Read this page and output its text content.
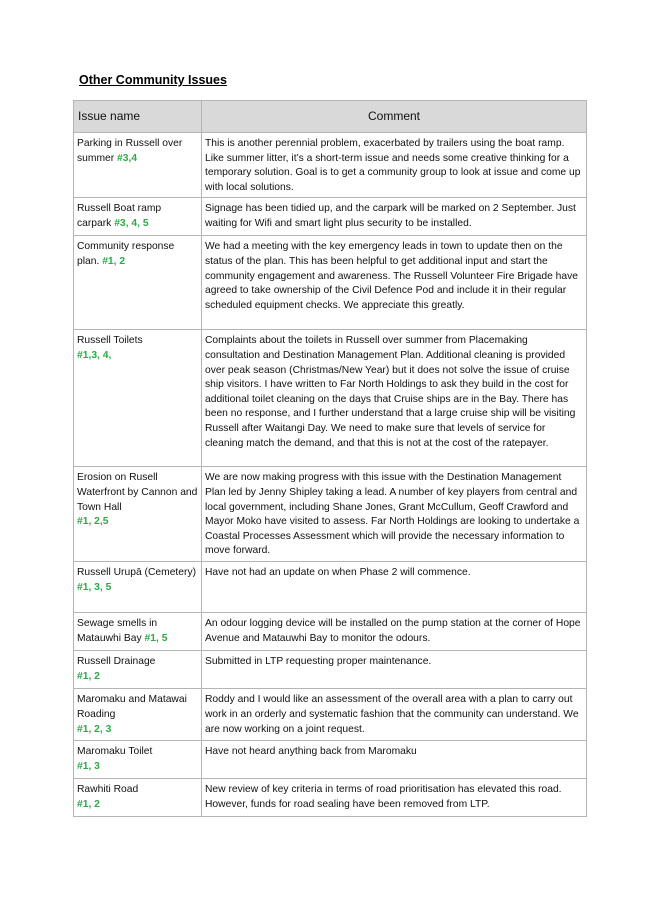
Other Community Issues
Issue name	Comment
Parking in Russell over summer #3,4	This is another perennial problem, exacerbated by trailers using the boat ramp. Like summer litter, it’s a short-term issue and needs some creative thinking for a temporary solution. Goal is to get a community group to look at issue and come up with local solutions.
Russell Boat ramp carpark #3, 4, 5	Signage has been tidied up, and the carpark will be marked on 2 September. Just waiting for Wifi and smart light plus security to be installed.
Community response plan. #1, 2	We had a meeting with the key emergency leads in town to update then on the status of the plan. This has been helpful to get additional input and start the community engagement and awareness. The Russell Volunteer Fire Brigade have agreed to take ownership of the Civil Defence Pod and include it in their regular scheduled equipment checks. We appreciate this greatly.
Russell Toilets
#1,3, 4,	Complaints about the toilets in Russell over summer from Placemaking consultation and Destination Management Plan. Additional cleaning is provided over peak season (Christmas/New Year) but it does not solve the issue of cruise ship visitors. I have written to Far North Holdings to ask they build in the cost for additional toilet cleaning on the days that Cruise ships are in the Bay. There has been no response, and I further understand that a large cruise ship will be visiting Russell after Waitangi Day. We need to make sure that levels of service for cleaning match the demand, and that this is not at the cost of the ratepayer.
Erosion on Rusell Waterfront by Cannon and Town Hall
#1, 2,5	We are now making progress with this issue with the Destination Management Plan led by Jenny Shipley taking a lead. A number of key players from central and local government, including Shane Jones, Grant McCullum, Geoff Crawford and Mayor Moko have visited to assess. Far North Holdings are looking to undertake a Coastal Processes Assessment which will provide the necessary information to move forward.
Russell Urupā (Cemetery)
#1, 3, 5	Have not had an update on when Phase 2 will commence.
Sewage smells in Matauwhi Bay #1, 5	An odour logging device will be installed on the pump station at the corner of Hope Avenue and Matauwhi Bay to monitor the odours.
Russell Drainage
#1, 2	Submitted in LTP requesting proper maintenance.
Maromaku and Matawai Roading
#1, 2, 3	Roddy and I would like an assessment of the overall area with a plan to carry out work in an orderly and systematic fashion that the community can understand. We are now working on a joint request.
Maromaku Toilet
#1, 3	Have not heard anything back from Maromaku
Rawhiti Road
#1, 2	New review of key criteria in terms of road prioritisation has elevated this road. However, funds for road sealing have been removed from LTP.
